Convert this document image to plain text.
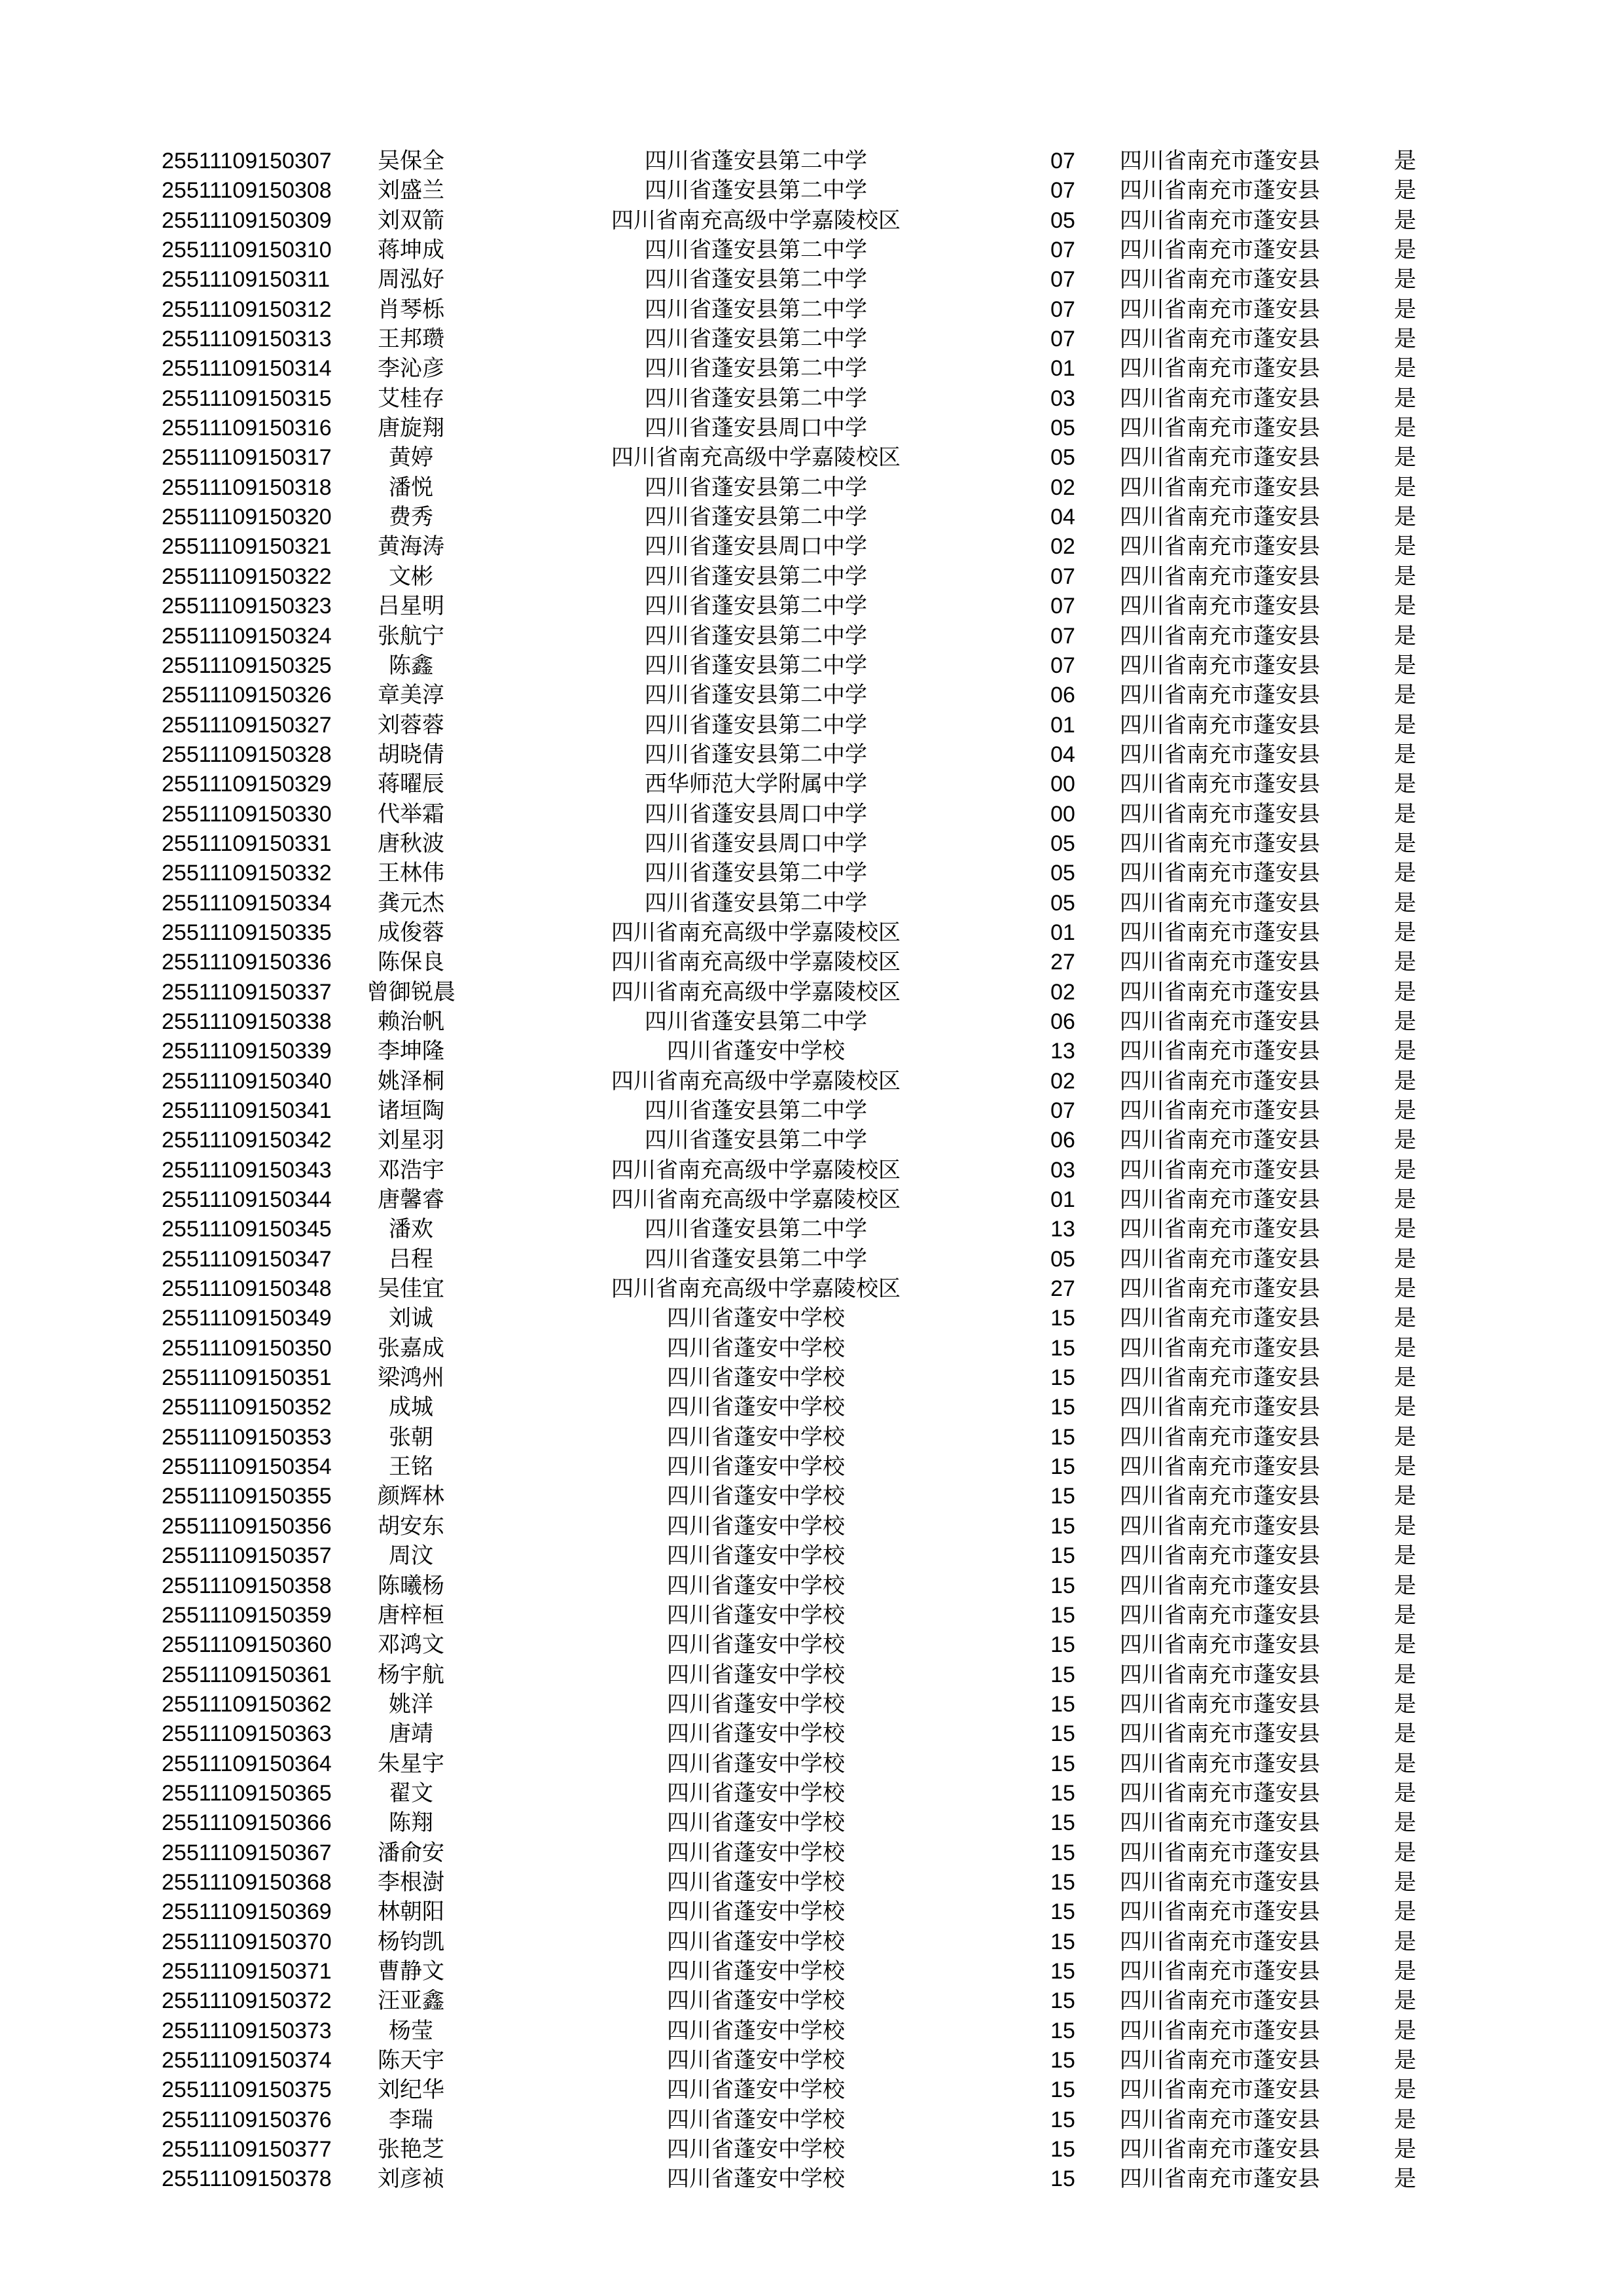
25511109150307	吴保全	四川省蓬安县第二中学	07	四川省南充市蓬安县	是
25511109150308	刘盛兰	四川省蓬安县第二中学	07	四川省南充市蓬安县	是
25511109150309	刘双箭	四川省南充高级中学嘉陵校区	05	四川省南充市蓬安县	是
25511109150310	蒋坤成	四川省蓬安县第二中学	07	四川省南充市蓬安县	是
25511109150311	周泓好	四川省蓬安县第二中学	07	四川省南充市蓬安县	是
25511109150312	肖琴栎	四川省蓬安县第二中学	07	四川省南充市蓬安县	是
25511109150313	王邦瓒	四川省蓬安县第二中学	07	四川省南充市蓬安县	是
25511109150314	李沁彦	四川省蓬安县第二中学	01	四川省南充市蓬安县	是
25511109150315	艾桂存	四川省蓬安县第二中学	03	四川省南充市蓬安县	是
25511109150316	唐旋翔	四川省蓬安县周口中学	05	四川省南充市蓬安县	是
25511109150317	黄婷	四川省南充高级中学嘉陵校区	05	四川省南充市蓬安县	是
25511109150318	潘悦	四川省蓬安县第二中学	02	四川省南充市蓬安县	是
25511109150320	费秀	四川省蓬安县第二中学	04	四川省南充市蓬安县	是
25511109150321	黄海涛	四川省蓬安县周口中学	02	四川省南充市蓬安县	是
25511109150322	文彬	四川省蓬安县第二中学	07	四川省南充市蓬安县	是
25511109150323	吕星明	四川省蓬安县第二中学	07	四川省南充市蓬安县	是
25511109150324	张航宁	四川省蓬安县第二中学	07	四川省南充市蓬安县	是
25511109150325	陈鑫	四川省蓬安县第二中学	07	四川省南充市蓬安县	是
25511109150326	章美淳	四川省蓬安县第二中学	06	四川省南充市蓬安县	是
25511109150327	刘蓉蓉	四川省蓬安县第二中学	01	四川省南充市蓬安县	是
25511109150328	胡晓倩	四川省蓬安县第二中学	04	四川省南充市蓬安县	是
25511109150329	蒋曜辰	西华师范大学附属中学	00	四川省南充市蓬安县	是
25511109150330	代举霜	四川省蓬安县周口中学	00	四川省南充市蓬安县	是
25511109150331	唐秋波	四川省蓬安县周口中学	05	四川省南充市蓬安县	是
25511109150332	王林伟	四川省蓬安县第二中学	05	四川省南充市蓬安县	是
25511109150334	龚元杰	四川省蓬安县第二中学	05	四川省南充市蓬安县	是
25511109150335	成俊蓉	四川省南充高级中学嘉陵校区	01	四川省南充市蓬安县	是
25511109150336	陈保良	四川省南充高级中学嘉陵校区	27	四川省南充市蓬安县	是
25511109150337	曾御锐晨	四川省南充高级中学嘉陵校区	02	四川省南充市蓬安县	是
25511109150338	赖治帆	四川省蓬安县第二中学	06	四川省南充市蓬安县	是
25511109150339	李坤隆	四川省蓬安中学校	13	四川省南充市蓬安县	是
25511109150340	姚泽桐	四川省南充高级中学嘉陵校区	02	四川省南充市蓬安县	是
25511109150341	诸垣陶	四川省蓬安县第二中学	07	四川省南充市蓬安县	是
25511109150342	刘星羽	四川省蓬安县第二中学	06	四川省南充市蓬安县	是
25511109150343	邓浩宇	四川省南充高级中学嘉陵校区	03	四川省南充市蓬安县	是
25511109150344	唐馨睿	四川省南充高级中学嘉陵校区	01	四川省南充市蓬安县	是
25511109150345	潘欢	四川省蓬安县第二中学	13	四川省南充市蓬安县	是
25511109150347	吕程	四川省蓬安县第二中学	05	四川省南充市蓬安县	是
25511109150348	吴佳宜	四川省南充高级中学嘉陵校区	27	四川省南充市蓬安县	是
25511109150349	刘诚	四川省蓬安中学校	15	四川省南充市蓬安县	是
25511109150350	张嘉成	四川省蓬安中学校	15	四川省南充市蓬安县	是
25511109150351	梁鸿州	四川省蓬安中学校	15	四川省南充市蓬安县	是
25511109150352	成城	四川省蓬安中学校	15	四川省南充市蓬安县	是
25511109150353	张朝	四川省蓬安中学校	15	四川省南充市蓬安县	是
25511109150354	王铭	四川省蓬安中学校	15	四川省南充市蓬安县	是
25511109150355	颜辉林	四川省蓬安中学校	15	四川省南充市蓬安县	是
25511109150356	胡安东	四川省蓬安中学校	15	四川省南充市蓬安县	是
25511109150357	周汶	四川省蓬安中学校	15	四川省南充市蓬安县	是
25511109150358	陈曦杨	四川省蓬安中学校	15	四川省南充市蓬安县	是
25511109150359	唐梓桓	四川省蓬安中学校	15	四川省南充市蓬安县	是
25511109150360	邓鸿文	四川省蓬安中学校	15	四川省南充市蓬安县	是
25511109150361	杨宇航	四川省蓬安中学校	15	四川省南充市蓬安县	是
25511109150362	姚洋	四川省蓬安中学校	15	四川省南充市蓬安县	是
25511109150363	唐靖	四川省蓬安中学校	15	四川省南充市蓬安县	是
25511109150364	朱星宇	四川省蓬安中学校	15	四川省南充市蓬安县	是
25511109150365	翟文	四川省蓬安中学校	15	四川省南充市蓬安县	是
25511109150366	陈翔	四川省蓬安中学校	15	四川省南充市蓬安县	是
25511109150367	潘俞安	四川省蓬安中学校	15	四川省南充市蓬安县	是
25511109150368	李根澍	四川省蓬安中学校	15	四川省南充市蓬安县	是
25511109150369	林朝阳	四川省蓬安中学校	15	四川省南充市蓬安县	是
25511109150370	杨钧凯	四川省蓬安中学校	15	四川省南充市蓬安县	是
25511109150371	曹静文	四川省蓬安中学校	15	四川省南充市蓬安县	是
25511109150372	汪亚鑫	四川省蓬安中学校	15	四川省南充市蓬安县	是
25511109150373	杨莹	四川省蓬安中学校	15	四川省南充市蓬安县	是
25511109150374	陈天宇	四川省蓬安中学校	15	四川省南充市蓬安县	是
25511109150375	刘纪华	四川省蓬安中学校	15	四川省南充市蓬安县	是
25511109150376	李瑞	四川省蓬安中学校	15	四川省南充市蓬安县	是
25511109150377	张艳芝	四川省蓬安中学校	15	四川省南充市蓬安县	是
25511109150378	刘彦祯	四川省蓬安中学校	15	四川省南充市蓬安县	是
